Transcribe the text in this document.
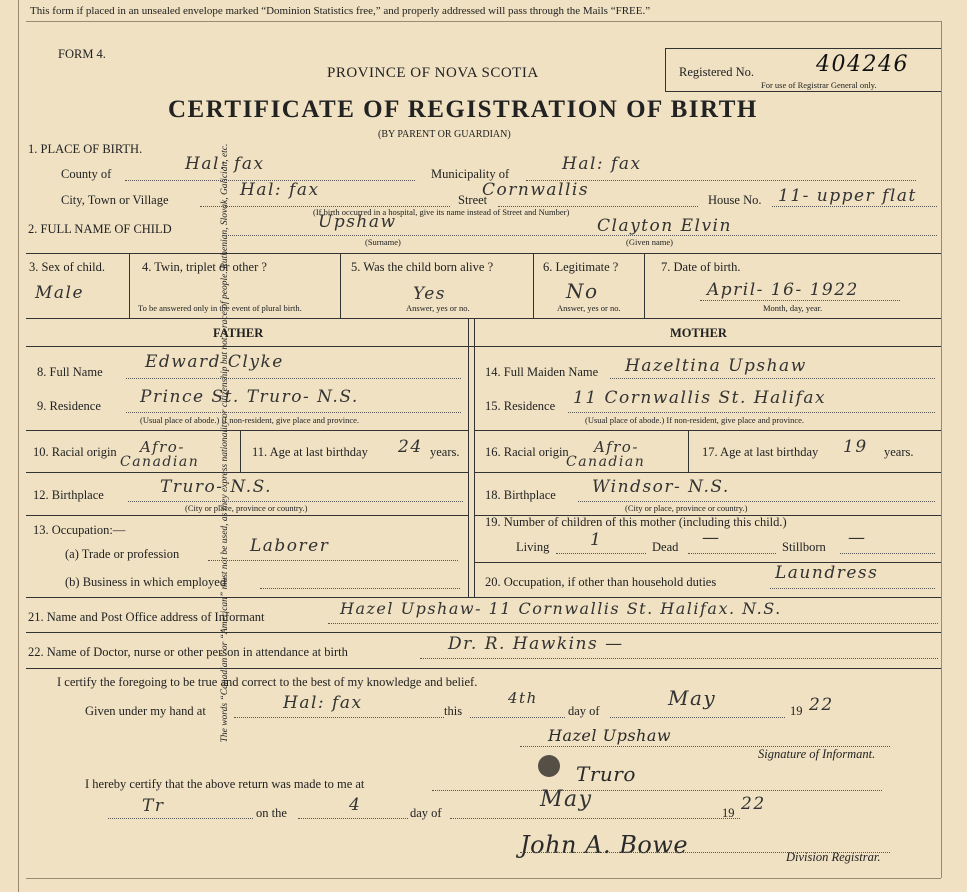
The words “Canadian” or “American” must not be used, as they express nationality or citizenship but not a race of people. Ruthenian, Slovak, Galician, etc.
This form if placed in an unsealed envelope marked “Dominion Statistics free,” and properly addressed will pass through the Mails “FREE.”
FORM 4.
PROVINCE OF NOVA SCOTIA
CERTIFICATE OF REGISTRATION OF BIRTH
(BY PARENT OR GUARDIAN)
Registered No.	404246
For use of Registrar General only.
1. PLACE OF BIRTH.
County of	Hal: fax	Municipality of	Hal: fax
City, Town or Village	Hal: fax	Street
Cornwallis	House No. 11- upper flat
(If birth occurred in a hospital, give its name instead of Street and Number)
2. FULL NAME OF CHILD	Upshaw	Clayton Elvin
(Surname)	(Given name)
3. Sex of child.
Male
4. Twin, triplet or other ?
To be answered only in the event of plural birth.
5. Was the child born alive ?
Yes
Answer, yes or no.
6. Legitimate ?
No
Answer, yes or no.
7. Date of birth.
April- 16- 1922
Month, day, year.
FATHER	MOTHER
8. Full Name Edward Clyke
9. Residence Prince St. Truro- N.S.
(Usual place of abode.) If non-resident, give place and province.
10. Racial origin Afro-
Canadian
11. Age at last birthday 24 years.
12. Birthplace	Truro- N.S.
(City or place, province or country.)
13. Occupation:—
(a) Trade or profession	Laborer
(b) Business in which employed
14. Full Maiden Name Hazeltina Upshaw
15. Residence 11 Cornwallis St. Halifax
(Usual place of abode.) If non-resident, give place and province.
16. Racial origin Afro-
Canadian
17. Age at last birthday 19 years.
18. Birthplace Windsor- N.S.
(City or place, province or country.)
19. Number of children of this mother (including this child.)
Living 1	Dead —	Stillborn —
20. Occupation, if other than household duties	Laundress
21. Name and Post Office address of Informant	Hazel Upshaw- 11 Cornwallis St. Halifax. N.S.
22. Name of Doctor, nurse or other person in attendance at birth	Dr. R. Hawkins —
I certify the foregoing to be true and correct to the best of my knowledge and belief.
Given under my hand at	Hal: fax	this
4th
day of
May
19 22
Hazel Upshaw
Signature of Informant.
I hereby certify that the above return was made to me at	Truro
Tr	on the	4	day of
May
19 22
John A. Bowe	Division Registrar.
